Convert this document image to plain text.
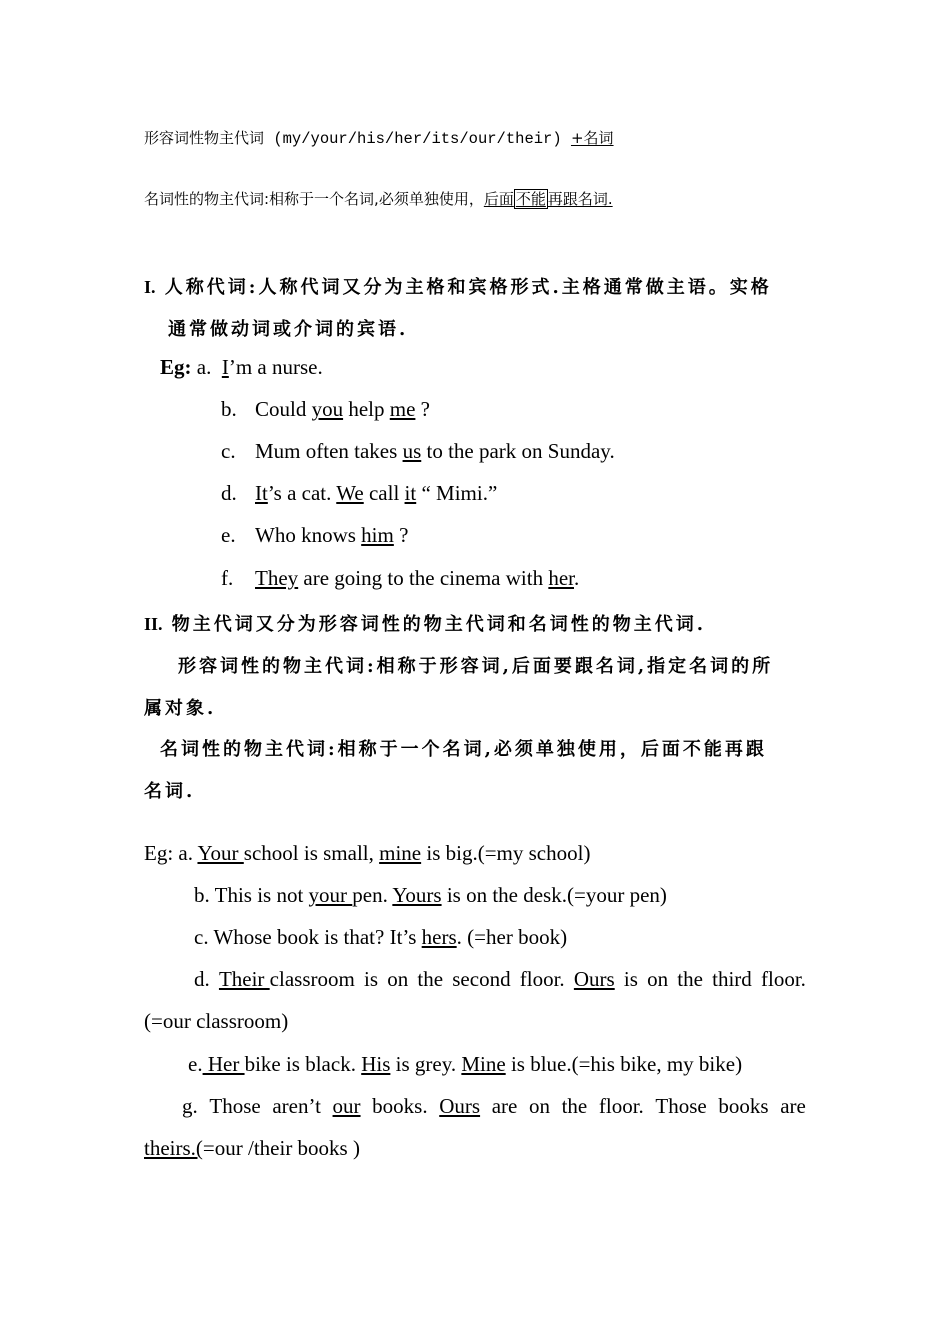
形容词性物主代词 (my/your/his/her/its/our/their) +名词
名词性的物主代词:相称于一个名词,必须单独使用，后面 不能 再跟名词.
I. 人称代词:人称代词又分为主格和宾格形式.主格通常做主语。实格
通常做动词或介词的宾语.
Eg: a. I’m a nurse.
b. Could you help me ?
c. Mum often takes us to the park on Sunday.
d. It’s a cat. We call it “ Mimi.”
e. Who knows him ?
f. They are going to the cinema with her.
II. 物主代词又分为形容词性的物主代词和名词性的物主代词.
形容词性的物主代词:相称于形容词,后面要跟名词,指定名词的所
属对象.
名词性的物主代词:相称于一个名词,必须单独使用，后面不能再跟
名词.
Eg: a. Your school is small, mine is big.(=my school)
b. This is not your pen. Yours is on the desk.(=your pen)
c. Whose book is that? It’s hers. (=her book)
d. Their classroom is on the second floor. Ours is on the third floor.
(=our classroom)
e. Her bike is black. His is grey. Mine is blue.(=his bike, my bike)
g. Those aren’t our books. Ours are on the floor. Those books are
theirs.(=our /their books )
